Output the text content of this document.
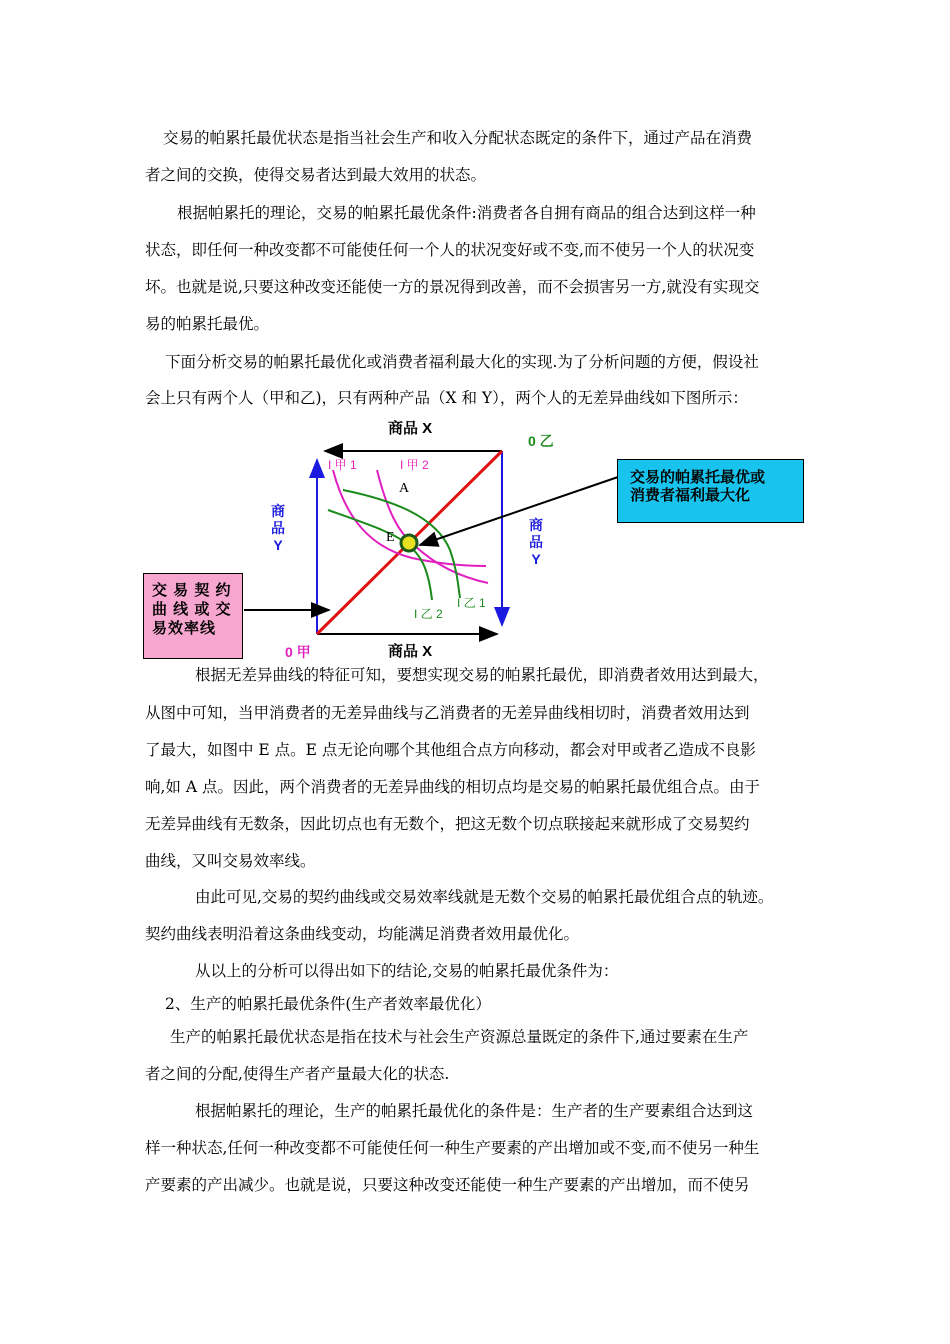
交易的帕累托最优状态是指当社会生产和收入分配状态既定的条件下，通过产品在消费
者之间的交换，使得交易者达到最大效用的状态。
根据帕累托的理论，交易的帕累托最优条件:消费者各自拥有商品的组合达到这样一种
状态，即任何一种改变都不可能使任何一个人的状况变好或不变,而不使另一个人的状况变
坏。也就是说,只要这种改变还能使一方的景况得到改善，而不会损害另一方,就没有实现交
易的帕累托最优。
下面分析交易的帕累托最优化或消费者福利最大化的实现.为了分析问题的方便，假设社
会上只有两个人（甲和乙)，只有两种产品（X 和 Y），两个人的无差异曲线如下图所示：
商品 X
商品 X
商
品
Y
商
品
Y
0 甲
0 乙
I 甲 1	I 甲 2
I 乙 1
I 乙 2
A
E
交 易 契 约
曲 线 或 交
易效率线
交易的帕累托最优或
消费者福利最大化
根据无差异曲线的特征可知，要想实现交易的帕累托最优，即消费者效用达到最大，
从图中可知，当甲消费者的无差异曲线与乙消费者的无差异曲线相切时，消费者效用达到
了最大，如图中 E 点。E 点无论向哪个其他组合点方向移动，都会对甲或者乙造成不良影
响,如 A 点。因此，两个消费者的无差异曲线的相切点均是交易的帕累托最优组合点。由于
无差异曲线有无数条，因此切点也有无数个，把这无数个切点联接起来就形成了交易契约
曲线，又叫交易效率线。
由此可见,交易的契约曲线或交易效率线就是无数个交易的帕累托最优组合点的轨迹。
契约曲线表明沿着这条曲线变动，均能满足消费者效用最优化。
从以上的分析可以得出如下的结论,交易的帕累托最优条件为：
2、生产的帕累托最优条件(生产者效率最优化）
生产的帕累托最优状态是指在技术与社会生产资源总量既定的条件下,通过要素在生产
者之间的分配,使得生产者产量最大化的状态.
根据帕累托的理论，生产的帕累托最优化的条件是：生产者的生产要素组合达到这
样一种状态,任何一种改变都不可能使任何一种生产要素的产出增加或不变,而不使另一种生
产要素的产出减少。也就是说，只要这种改变还能使一种生产要素的产出增加，而不使另
